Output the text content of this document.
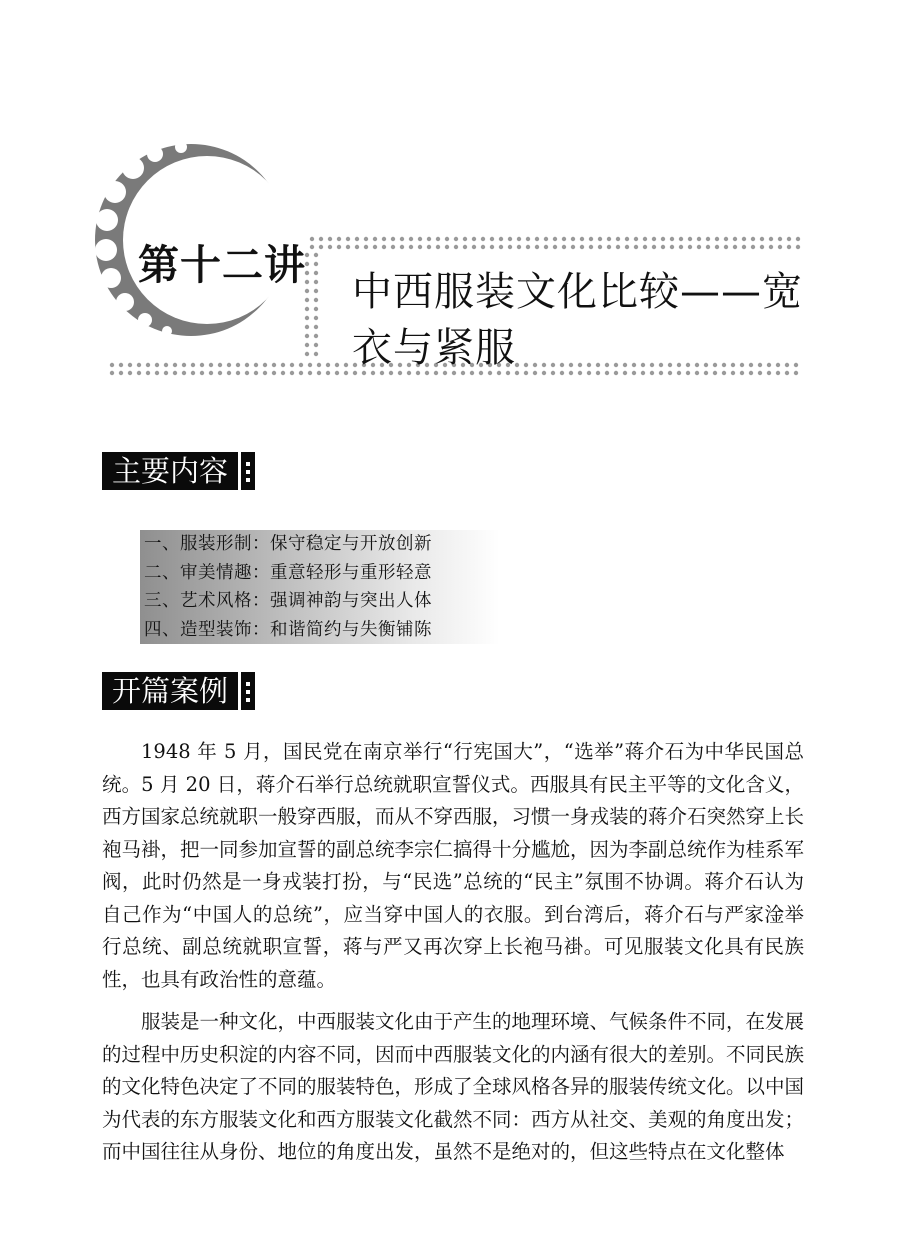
第十二讲
中西服装文化比较——宽衣与紧服
主要内容
一、服装形制：保守稳定与开放创新
二、审美情趣：重意轻形与重形轻意
三、艺术风格：强调神韵与突出人体
四、造型装饰：和谐简约与失衡铺陈
开篇案例

1948 年 5 月，国民党在南京举行“行宪国大”，“选举”蒋介石为中华民国总统。5 月 20 日，蒋介石举行总统就职宣誓仪式。西服具有民主平等的文化含义，西方国家总统就职一般穿西服，而从不穿西服，习惯一身戎装的蒋介石突然穿上长袍马褂，把一同参加宣誓的副总统李宗仁搞得十分尴尬，因为李副总统作为桂系军阀，此时仍然是一身戎装打扮，与“民选”总统的“民主”氛围不协调。蒋介石认为自己作为“中国人的总统”，应当穿中国人的衣服。到台湾后，蒋介石与严家淦举行总统、副总统就职宣誓，蒋与严又再次穿上长袍马褂。可见服装文化具有民族性，也具有政治性的意蕴。

服装是一种文化，中西服装文化由于产生的地理环境、气候条件不同，在发展的过程中历史积淀的内容不同，因而中西服装文化的内涵有很大的差别。不同民族的文化特色决定了不同的服装特色，形成了全球风格各异的服装传统文化。以中国为代表的东方服装文化和西方服装文化截然不同：西方从社交、美观的角度出发；而中国往往从身份、地位的角度出发，虽然不是绝对的，但这些特点在文化整体
